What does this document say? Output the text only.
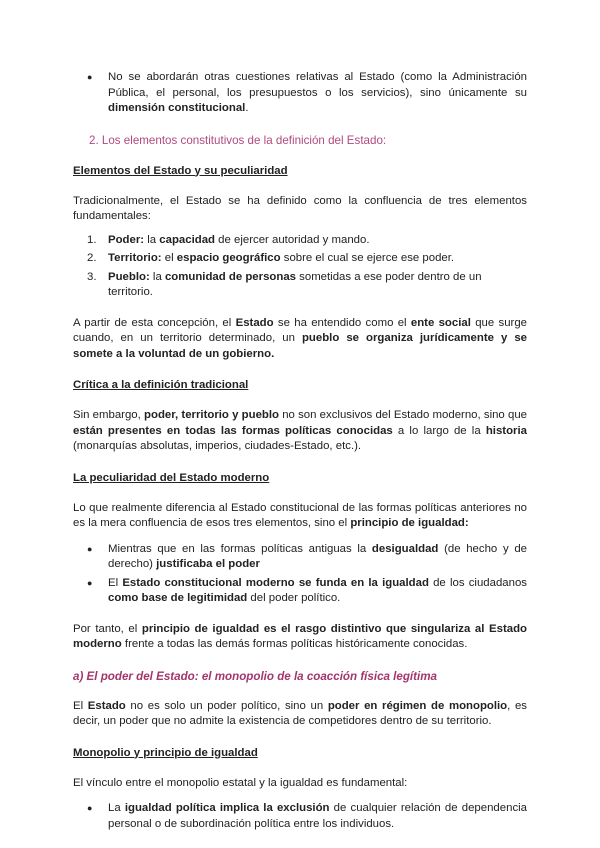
● No se abordarán otras cuestiones relativas al Estado (como la Administración Pública, el personal, los presupuestos o los servicios), sino únicamente su dimensión constitucional.
2. Los elementos constitutivos de la definición del Estado:
Elementos del Estado y su peculiaridad

Tradicionalmente, el Estado se ha definido como la confluencia de tres elementos fundamentales:

1. Poder: la capacidad de ejercer autoridad y mando.
2. Territorio: el espacio geográfico sobre el cual se ejerce ese poder.
3. Pueblo: la comunidad de personas sometidas a ese poder dentro de un territorio.

A partir de esta concepción, el Estado se ha entendido como el ente social que surge cuando, en un territorio determinado, un pueblo se organiza jurídicamente y se somete a la voluntad de un gobierno.

Crítica a la definición tradicional

Sin embargo, poder, territorio y pueblo no son exclusivos del Estado moderno, sino que están presentes en todas las formas políticas conocidas a lo largo de la historia (monarquías absolutas, imperios, ciudades-Estado, etc.).

La peculiaridad del Estado moderno

Lo que realmente diferencia al Estado constitucional de las formas políticas anteriores no es la mera confluencia de esos tres elementos, sino el principio de igualdad:

● Mientras que en las formas políticas antiguas la desigualdad (de hecho y de derecho) justificaba el poder
● El Estado constitucional moderno se funda en la igualdad de los ciudadanos como base de legitimidad del poder político.

Por tanto, el principio de igualdad es el rasgo distintivo que singulariza al Estado moderno frente a todas las demás formas políticas históricamente conocidas.

a) El poder del Estado: el monopolio de la coacción física legítima

El Estado no es solo un poder político, sino un poder en régimen de monopolio, es decir, un poder que no admite la existencia de competidores dentro de su territorio.

Monopolio y principio de igualdad

El vínculo entre el monopolio estatal y la igualdad es fundamental:

● La igualdad política implica la exclusión de cualquier relación de dependencia personal o de subordinación política entre los individuos.
